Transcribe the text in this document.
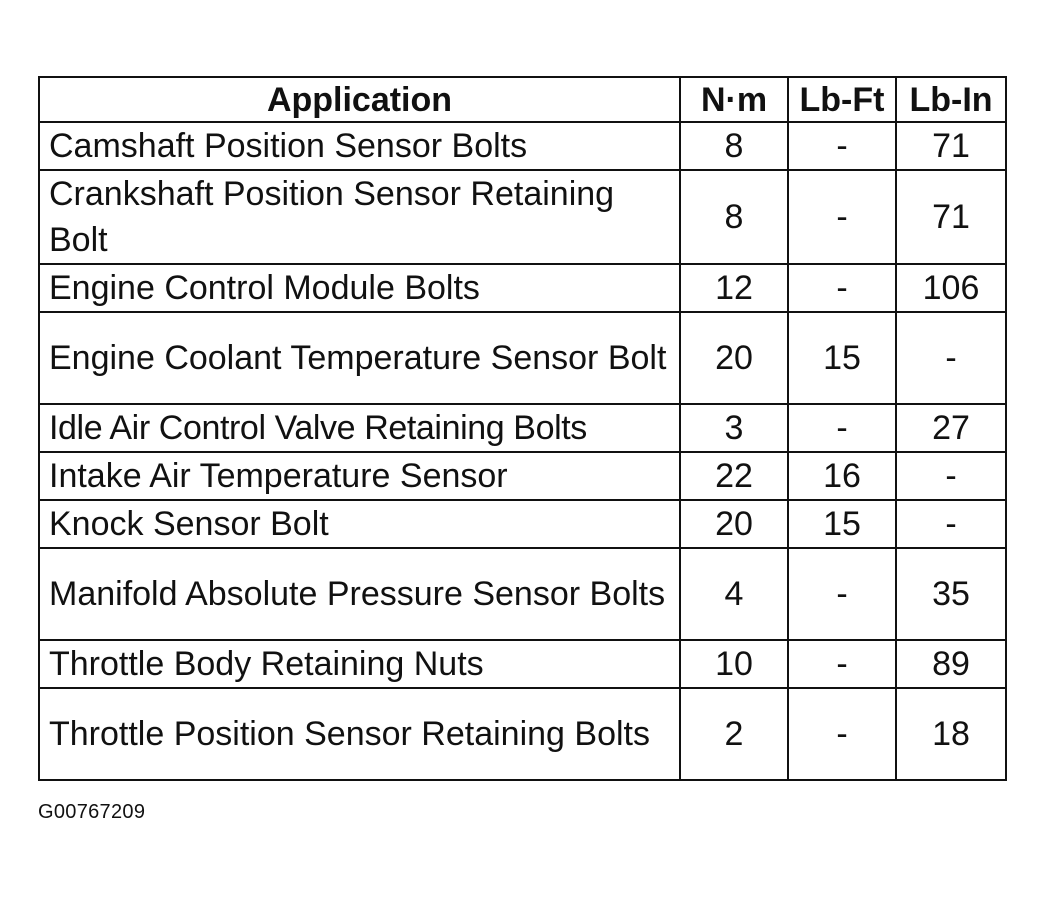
Application	N·m	Lb-Ft	Lb-In
Camshaft Position Sensor Bolts	8	-	71
Crankshaft Position Sensor Retaining Bolt	8	-	71
Engine Control Module Bolts	12	-	106
Engine Coolant Temperature Sensor Bolt	20	15	-
Idle Air Control Valve Retaining Bolts	3	-	27
Intake Air Temperature Sensor	22	16	-
Knock Sensor Bolt	20	15	-
Manifold Absolute Pressure Sensor Bolts	4	-	35
Throttle Body Retaining Nuts	10	-	89
Throttle Position Sensor Retaining Bolts	2	-	18
G00767209
